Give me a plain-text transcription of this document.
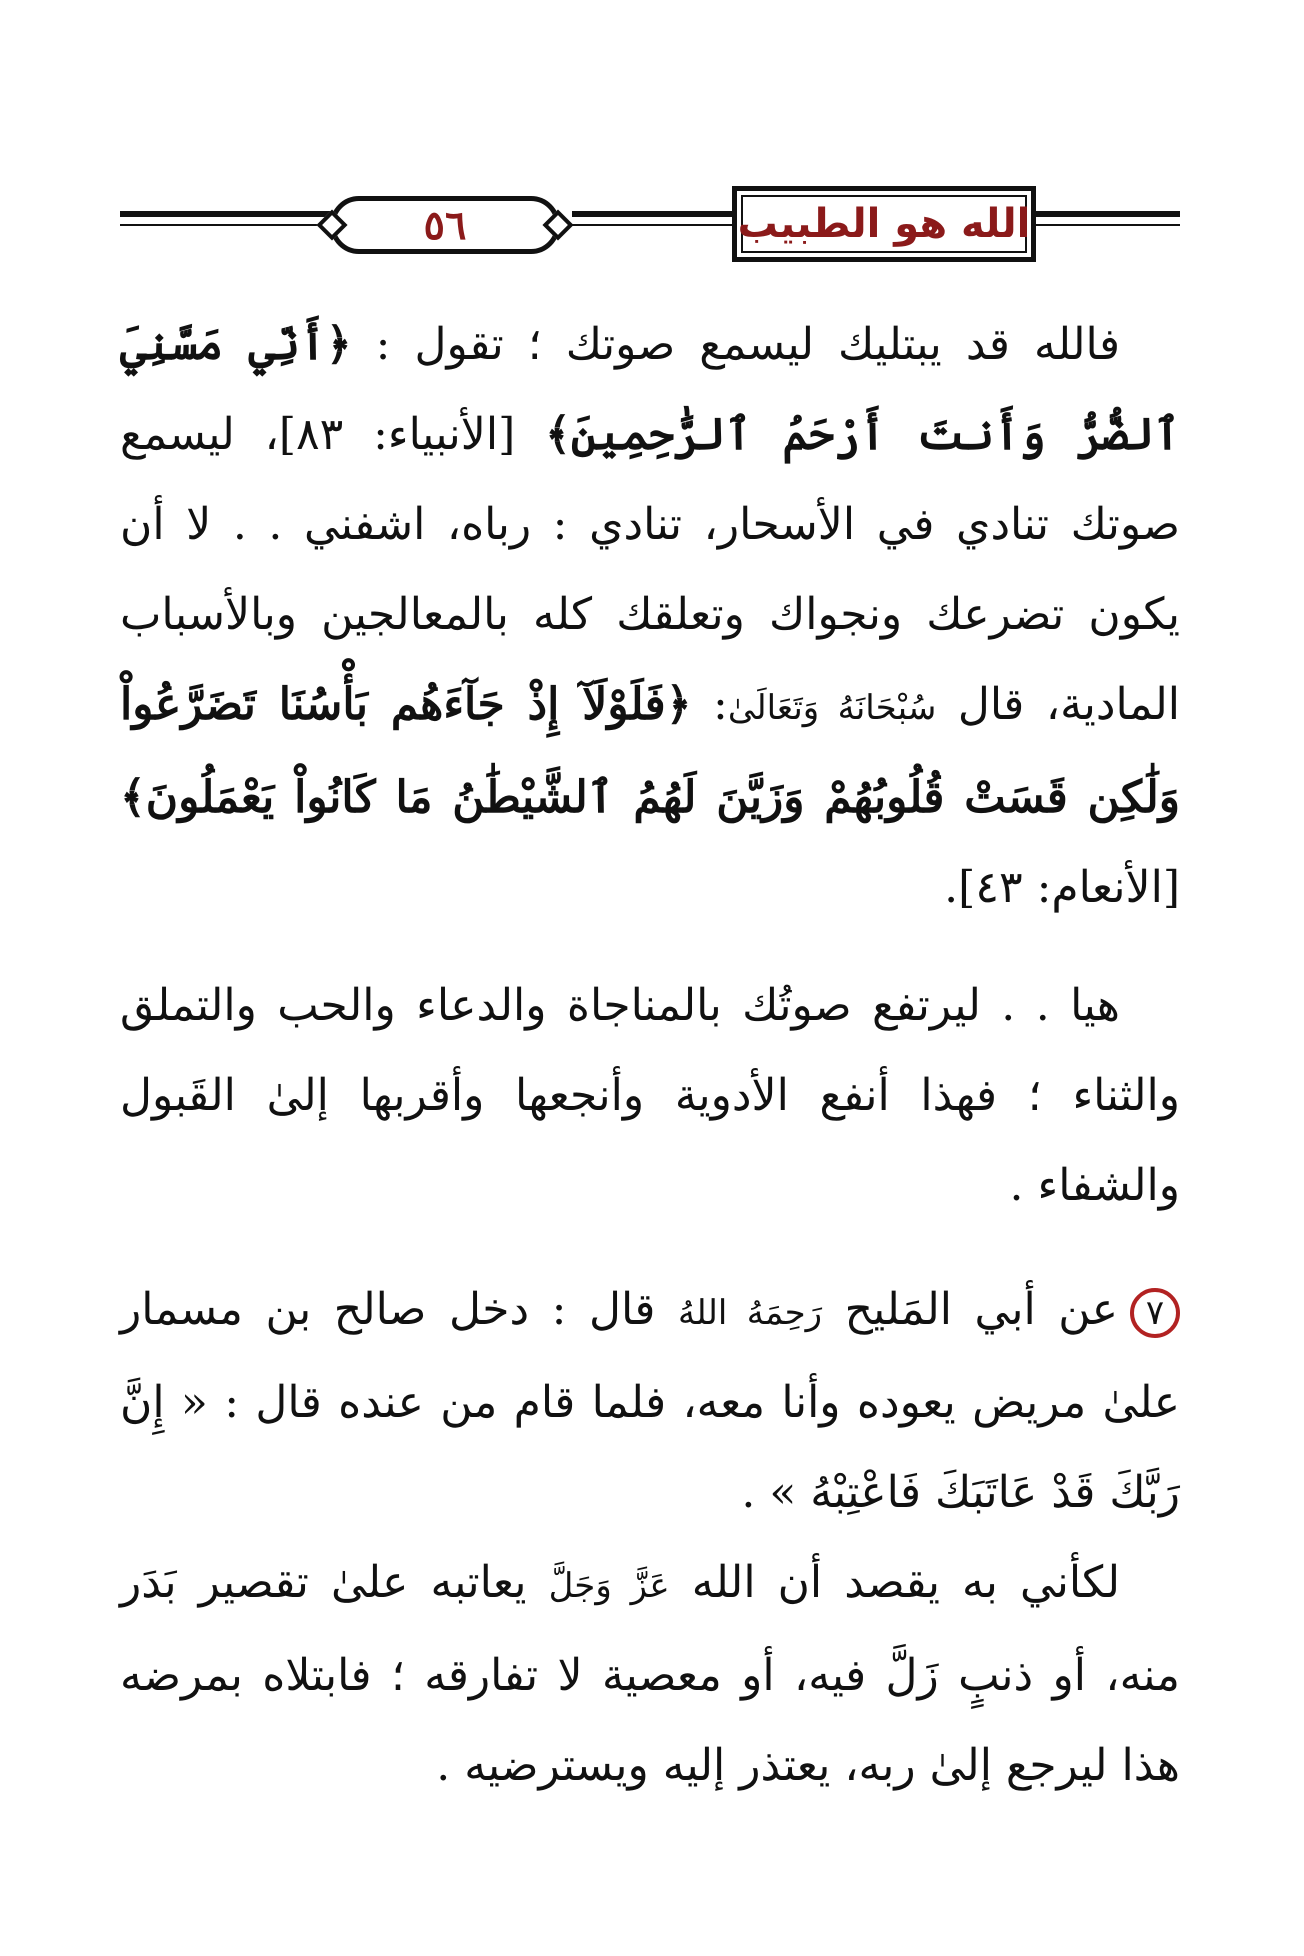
٥٦	الله هو الطبيب

فالله قد يبتليك ليسمع صوتك ؛ تقول : ﴿أَنِّي مَسَّنِيَ ٱلضُّرُّ وَأَنتَ أَرْحَمُ ٱلرَّٰحِمِينَ﴾ [الأنبياء: ٨٣]، ليسمع صوتك تنادي في الأسحار، تنادي : رباه، اشفني . . لا أن يكون تضرعك ونجواك وتعلقك كله بالمعالجين وبالأسباب المادية، قال سُبْحَانَهُ وَتَعَالَىٰ: ﴿فَلَوْلَآ إِذْ جَآءَهُم بَأْسُنَا تَضَرَّعُواْ وَلَٰكِن قَسَتْ قُلُوبُهُمْ وَزَيَّنَ لَهُمُ ٱلشَّيْطَٰنُ مَا كَانُواْ يَعْمَلُونَ﴾ [الأنعام: ٤٣].

هيا . . ليرتفع صوتُك بالمناجاة والدعاء والحب والتملق والثناء ؛ فهذا أنفع الأدوية وأنجعها وأقربها إلىٰ القَبول والشفاء .

٧عن أبي المَليح رَحِمَهُ اللهُ قال : دخل صالح بن مسمار علىٰ مريض يعوده وأنا معه، فلما قام من عنده قال : « إِنَّ رَبَّكَ قَدْ عَاتَبَكَ فَاعْتِبْهُ » .

لكأني به يقصد أن الله عَزَّ وَجَلَّ يعاتبه علىٰ تقصير بَدَر منه، أو ذنبٍ زَلَّ فيه، أو معصية لا تفارقه ؛ فابتلاه بمرضه هذا ليرجع إلىٰ ربه، يعتذر إليه ويسترضيه .
